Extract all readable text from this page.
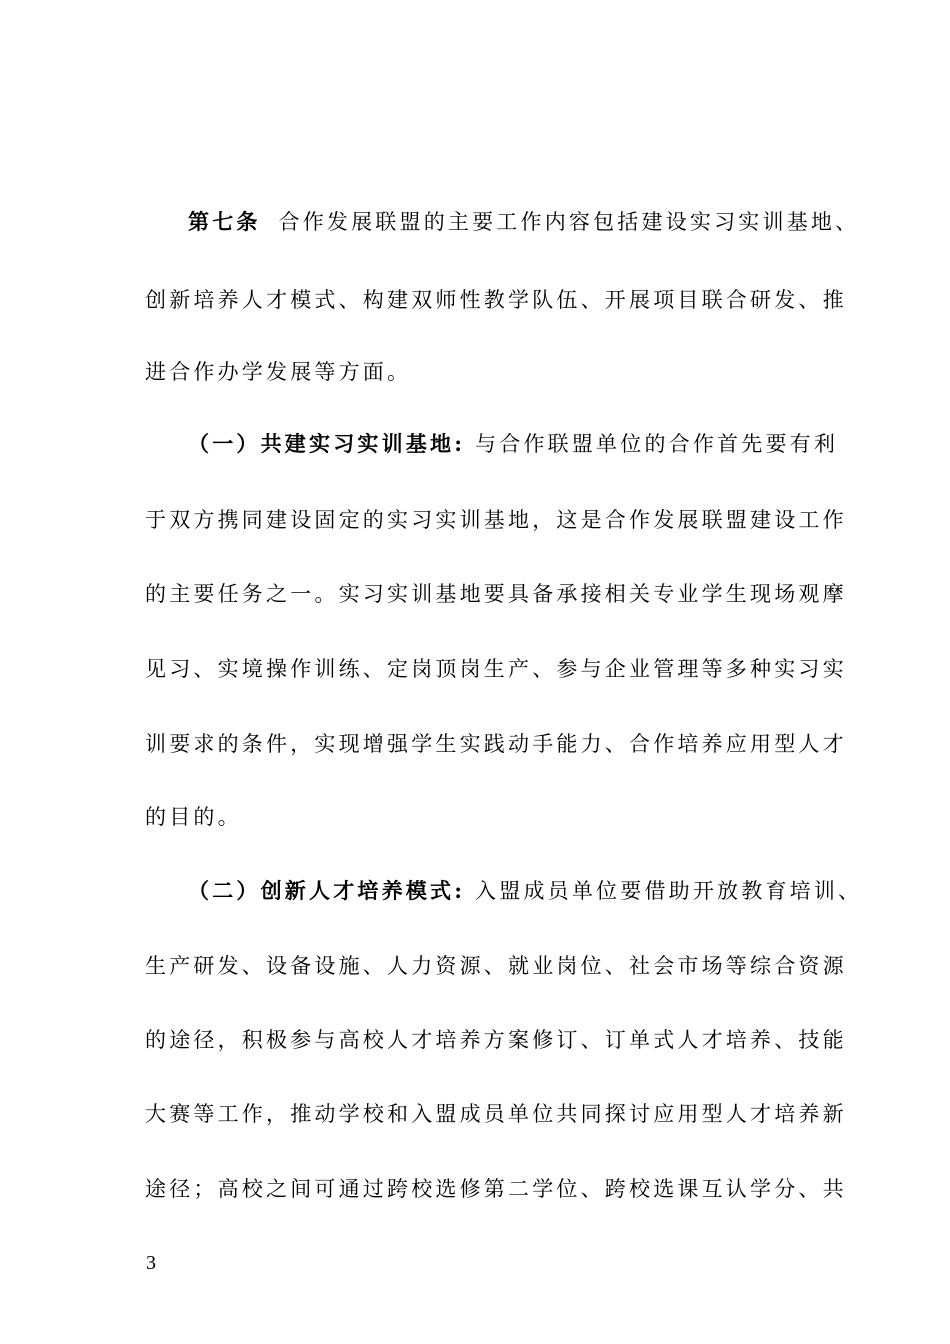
第七条 合作发展联盟的主要工作内容包括建设实习实训基地、
创新培养人才模式、构建双师性教学队伍、开展项目联合研发、推
进合作办学发展等方面。
（一）共建实习实训基地: 与合作联盟单位的合作首先要有利
于双方携同建设固定的实习实训基地，这是合作发展联盟建设工作
的主要任务之一。实习实训基地要具备承接相关专业学生现场观摩
见习、实境操作训练、定岗顶岗生产、参与企业管理等多种实习实
训要求的条件，实现增强学生实践动手能力、合作培养应用型人才
的目的。
（二）创新人才培养模式: 入盟成员单位要借助开放教育培训、
生产研发、设备设施、人力资源、就业岗位、社会市场等综合资源
的途径，积极参与高校人才培养方案修订、订单式人才培养、技能
大赛等工作，推动学校和入盟成员单位共同探讨应用型人才培养新
途径；高校之间可通过跨校选修第二学位、跨校选课互认学分、共
3
